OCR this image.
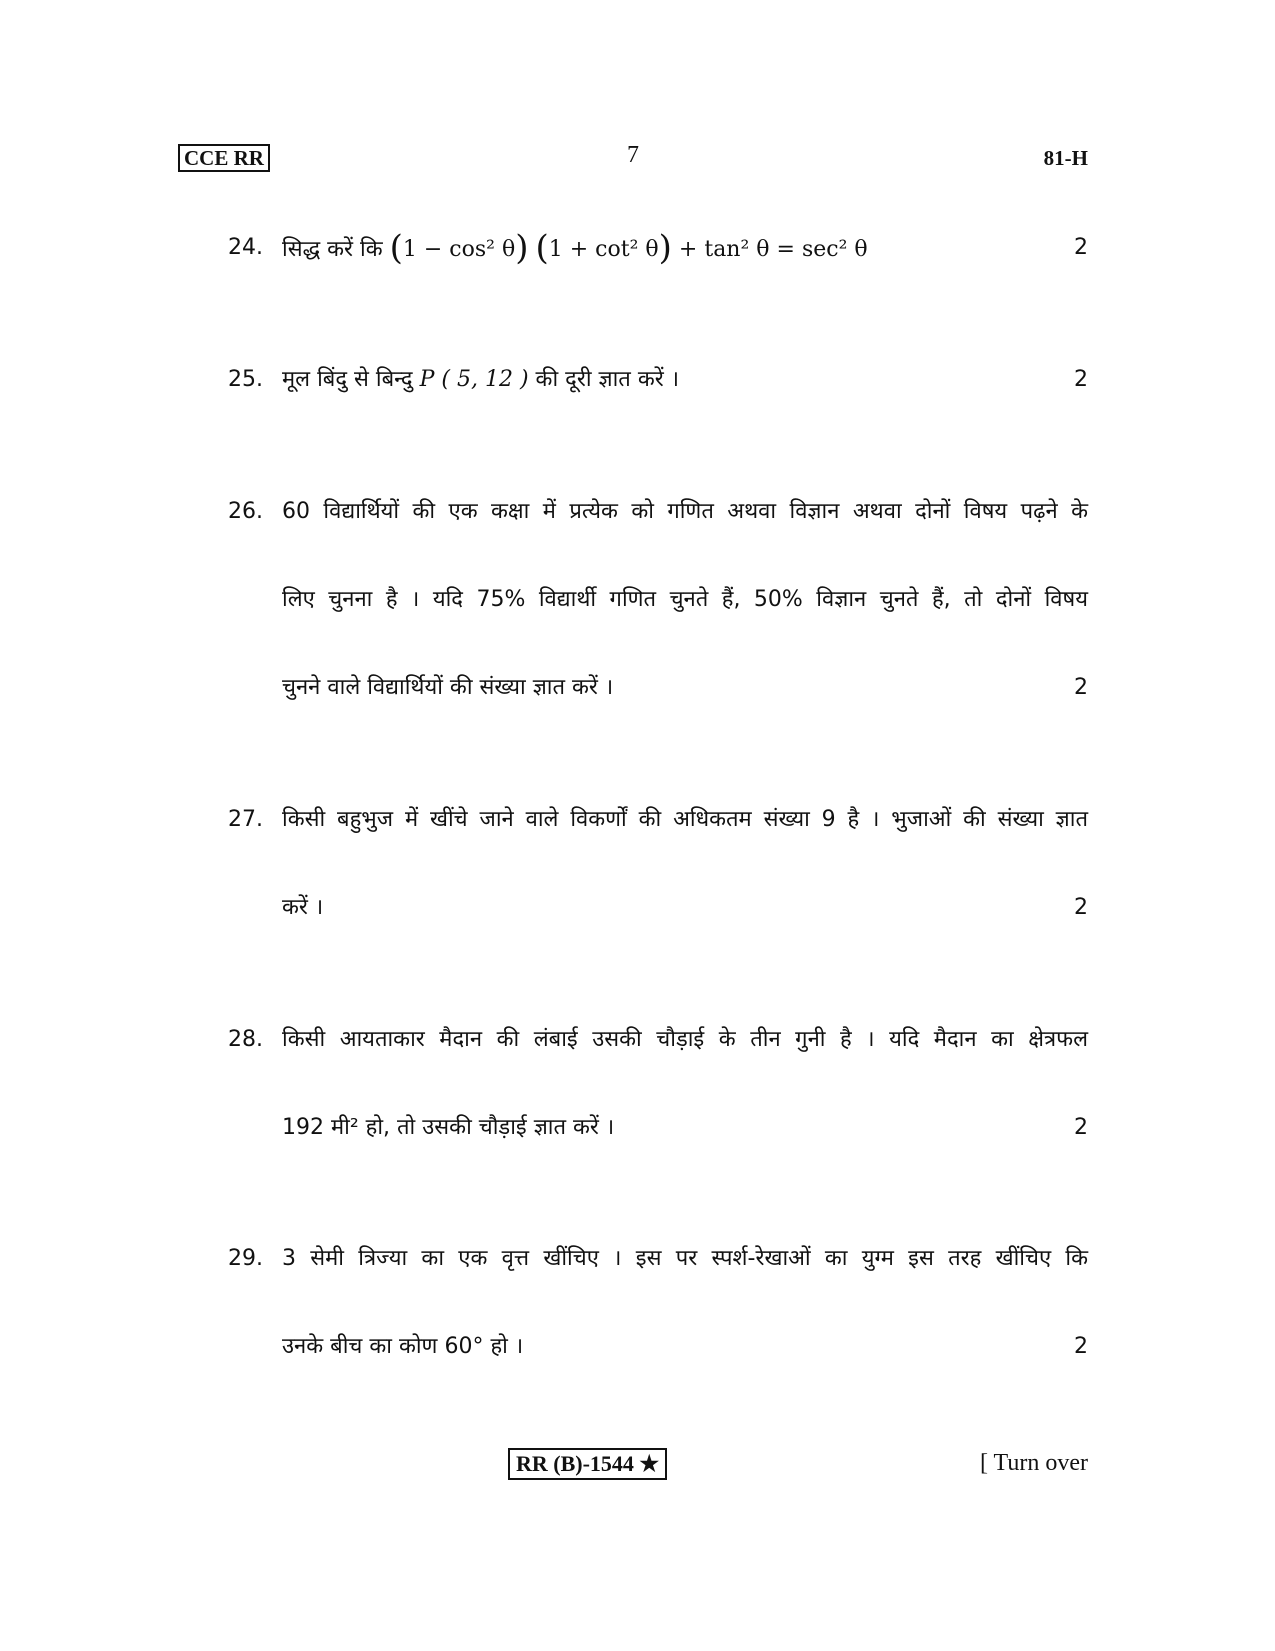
CCE RR	7	81-H
24. सिद्ध करें कि (1 − cos² θ) (1 + cot² θ) + tan² θ = sec² θ	2
25. मूल बिंदु से बिन्दु P ( 5, 12 ) की दूरी ज्ञात करें ।	2
26. 60 विद्यार्थियों की एक कक्षा में प्रत्येक को गणित अथवा विज्ञान अथवा दोनों विषय पढ़ने के
लिए चुनना है । यदि 75% विद्यार्थी गणित चुनते हैं, 50% विज्ञान चुनते हैं, तो दोनों विषय
चुनने वाले विद्यार्थियों की संख्या ज्ञात करें ।	2
27. किसी बहुभुज में खींचे जाने वाले विकर्णों की अधिकतम संख्या 9 है । भुजाओं की संख्या ज्ञात
करें ।	2
28. किसी आयताकार मैदान की लंबाई उसकी चौड़ाई के तीन गुनी है । यदि मैदान का क्षेत्रफल
192 मी² हो, तो उसकी चौड़ाई ज्ञात करें ।	2
29. 3 सेमी त्रिज्या का एक वृत्त खींचिए । इस पर स्पर्श-रेखाओं का युग्म इस तरह खींचिए कि
उनके बीच का कोण 60° हो ।	2
RR (B)-1544 ★	[ Turn over
